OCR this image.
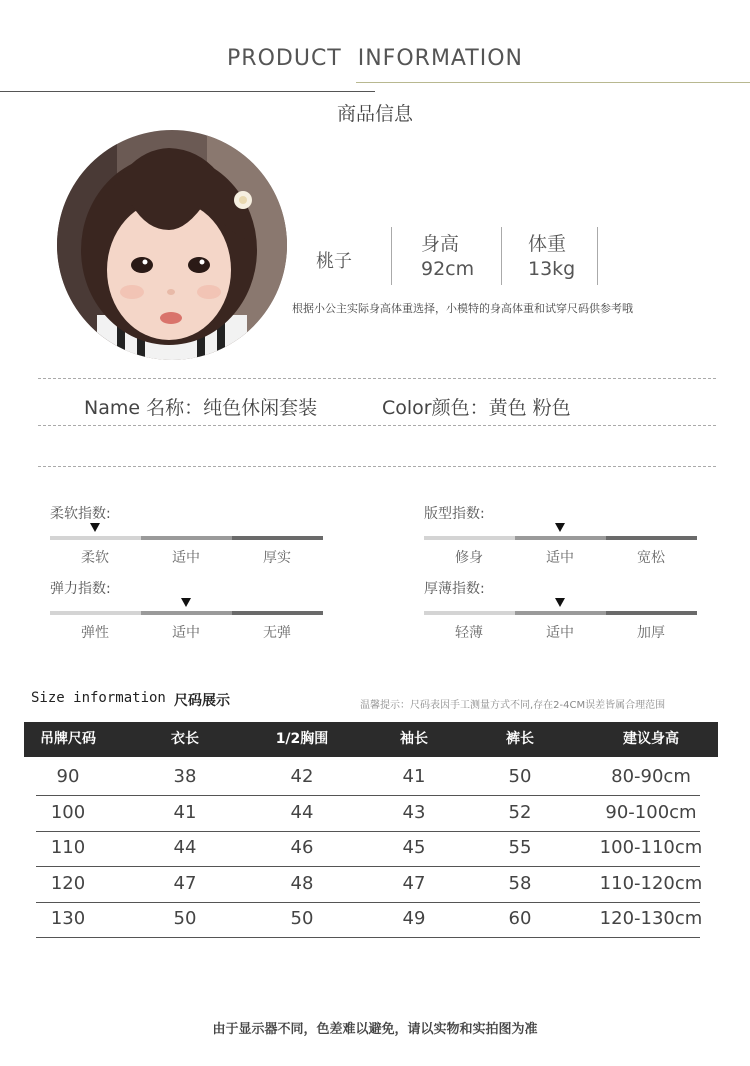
PRODUCT INFORMATION
商品信息
桃子
身高
92cm
体重
13kg
根据小公主实际身高体重选择，小模特的身高体重和试穿尺码供参考哦
Name 名称：纯色休闲套装	Color颜色：黄色 粉色
柔软指数:
柔软	适中	厚实
版型指数:
修身	适中	宽松
弹力指数:
弹性	适中	无弹
厚薄指数:
轻薄	适中	加厚
Size information 尺码展示	温馨提示：尺码表因手工测量方式不同,存在2-4CM误差皆属合理范围
吊牌尺码	衣长	1/2胸围	袖长	裤长	建议身高
90	38	42	41	50	80-90cm
100	41	44	43	52	90-100cm
110	44	46	45	55	100-110cm
120	47	48	47	58	110-120cm
130	50	50	49	60	120-130cm
由于显示器不同，色差难以避免，请以实物和实拍图为准
